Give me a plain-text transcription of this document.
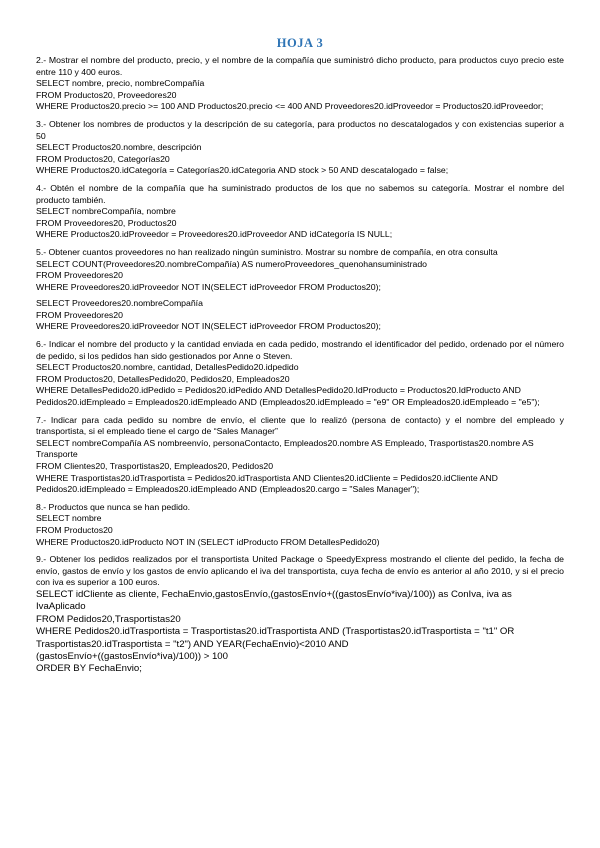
HOJA 3

2.- Mostrar el nombre del producto, precio, y el nombre de la compañía que suministró dicho producto, para productos cuyo precio este entre 110 y 400 euros.

SELECT nombre, precio, nombreCompañía

FROM Productos20, Proveedores20

WHERE Productos20.precio >= 100 AND Productos20.precio <= 400 AND Proveedores20.idProveedor = Productos20.idProveedor;

3.- Obtener los nombres de productos y la descripción de su categoría, para productos no descatalogados y con existencias superior a 50

SELECT Productos20.nombre, descripción

FROM Productos20, Categorías20

WHERE Productos20.idCategoría = Categorías20.idCategoria AND stock > 50 AND descatalogado = false;

4.- Obtén el nombre de la compañía que ha suministrado productos de los que no sabemos su categoría. Mostrar el nombre del producto también.

SELECT nombreCompañía, nombre

FROM Proveedores20, Productos20

WHERE Productos20.idProveedor = Proveedores20.idProveedor AND idCategoría IS NULL;

5.- Obtener cuantos proveedores no han realizado ningún suministro. Mostrar su nombre de compañía, en otra consulta

SELECT COUNT(Proveedores20.nombreCompañía) AS numeroProveedores_quenohansuministrado

FROM Proveedores20

WHERE Proveedores20.idProveedor NOT IN(SELECT idProveedor FROM Productos20);

SELECT Proveedores20.nombreCompañía

FROM Proveedores20

WHERE Proveedores20.idProveedor NOT IN(SELECT idProveedor FROM Productos20);

6.- Indicar el nombre del producto y la cantidad enviada en cada pedido, mostrando el identificador del pedido, ordenado por el número de pedido, si los pedidos han sido gestionados por Anne o Steven.

SELECT Productos20.nombre, cantidad, DetallesPedido20.idpedido

FROM Productos20, DetallesPedido20, Pedidos20, Empleados20

WHERE DetallesPedido20.idPedido = Pedidos20.idPedido AND DetallesPedido20.IdProducto = Productos20.IdProducto AND Pedidos20.idEmpleado = Empleados20.idEmpleado AND (Empleados20.idEmpleado = "e9" OR Empleados20.idEmpleado = "e5");

7.- Indicar para cada pedido su nombre de envío, el cliente que lo realizó (persona de contacto) y el nombre del empleado y transportista, si el empleado tiene el cargo de “Sales Manager”

SELECT nombreCompañía AS nombreenvío, personaContacto, Empleados20.nombre AS Empleado, Trasportistas20.nombre AS Transporte

FROM Clientes20, Trasportistas20, Empleados20, Pedidos20

WHERE Trasportistas20.idTrasportista = Pedidos20.idTrasportista AND Clientes20.idCliente = Pedidos20.idCliente AND Pedidos20.idEmpleado = Empleados20.idEmpleado AND (Empleados20.cargo = "Sales Manager");

8.- Productos que nunca se han pedido.

SELECT nombre

FROM Productos20

WHERE Productos20.idProducto NOT IN (SELECT idProducto FROM DetallesPedido20)

9.- Obtener los pedidos realizados por el transportista United Package o SpeedyExpress mostrando el cliente del pedido, la fecha de envío, gastos de envío y los gastos de envío aplicando el iva del transportista, cuya fecha de envío es anterior al año 2010, y si el precio con iva es superior a 100 euros.

SELECT idCliente as cliente, FechaEnvio,gastosEnvío,(gastosEnvío+((gastosEnvío*iva)/100)) as ConIva, iva as IvaAplicado

FROM Pedidos20,Trasportistas20

WHERE Pedidos20.idTrasportista = Trasportistas20.idTrasportista AND (Trasportistas20.idTrasportista = "t1" OR Trasportistas20.idTrasportista = "t2") AND YEAR(FechaEnvio)<2010 AND

(gastosEnvío+((gastosEnvío*iva)/100)) > 100

ORDER BY FechaEnvio;
